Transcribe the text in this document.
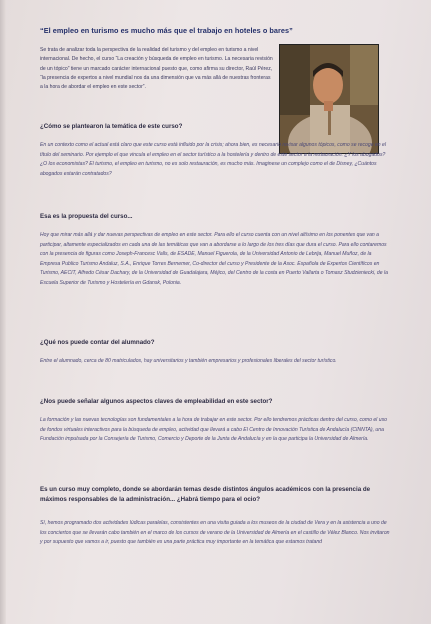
“El empleo en turismo es mucho más que el trabajo en hoteles o bares”
Se trata de analizar toda la perspectiva de la realidad del turismo y del empleo en turismo a nivel internacional. De hecho, el curso “La creación y búsqueda de empleo en turismo. La necesaria revisión de un tópico” tiene un marcado carácter internacional puesto que, como afirma su director, Raúl Pérez, “la presencia de expertos a nivel mundial nos da una dimensión que va más allá de nuestras fronteras a la hora de abordar el empleo en este sector”.
¿Cómo se plantearon la temática de este curso?
En un contexto como el actual está claro que este curso está influido por la crisis; ahora bien, es necesario revisar algunos tópicos, como se recoge en el título del seminario. Por ejemplo el que vincula el empleo en el sector turístico a la hostelería y dentro de este sector a la restauración. ¿Y los abogados? ¿O los economistas? El turismo, el empleo en turismo, no es solo restauración, es mucho más. Imaginese un complejo como el de Disney, ¿Cuántos abogados estarán contratados?
Esa es la propuesta del curso...
Hoy que mirar más allá y dar nuevas perspectivas de empleo en este sector. Para ello el curso cuenta con un nivel altísimo en los ponentes que van a participar, altamente especializados en cada una de las temáticas que van a abordarse a lo largo de los tres días que dura el curso. Para ello contaremos con la presencia de figuras como Joseph-Francesc Valls, de ESADE, Manuel Figuerola, de la Universidad Antonio de Lebrija, Manuel Muñoz, de la Empresa Publico Turismo Andaluz, S.A., Enrique Torres Bernemer, Co-director del curso y Presidente de la Asoc. Española de Expertos Científicos en Turismo, AECIT, Alfredo César Dachary, de la Universidad de Guadalajara, Méjico, del Centro de la costa en Puerto Vallarta o Tomasz Studzieniecki, de la Escuela Superior de Turismo y Hostelería en Gdansk, Polonia.
¿Qué nos puede contar del alumnado?
Entre el alumnado, cerca de 80 matriculados, hay universitarios y también empresarios y profesionales liberales del sector turístico.
¿Nos puede señalar algunos aspectos claves de empleabilidad en este sector?
La formación y las nuevas tecnologías son fundamentales a la hora de trabajar en este sector. Por ello tendremos prácticas dentro del curso, como el uso de fondos virtuales interactivos para la búsqueda de empleo, actividad que llevará a cabo El Centro de Innovación Turística de Andalucía (CINNTA), una Fundación impulsada por la Consejería de Turismo, Comercio y Deporte de la Junta de Andalucía y en la que participa la Universidad de Almería.
Es un curso muy completo, donde se abordarán temas desde distintos ángulos académicos con la presencia de máximos responsables de la administración... ¿Habrá tiempo para el ocio?
Sí, hemos programado dos actividades lúdicas paralelas, consistentes en una visita guiada a los museos de la ciudad de Vera y en la asistencia a uno de los conciertos que se llevarán cabo también en el marco de los cursos de verano de la Universidad de Almería en el castillo de Vélez Blanco. Nos invitaron y por supuesto que vamos a ir, puesto que también es una parte práctica muy importante en la temática que estamos tratand
